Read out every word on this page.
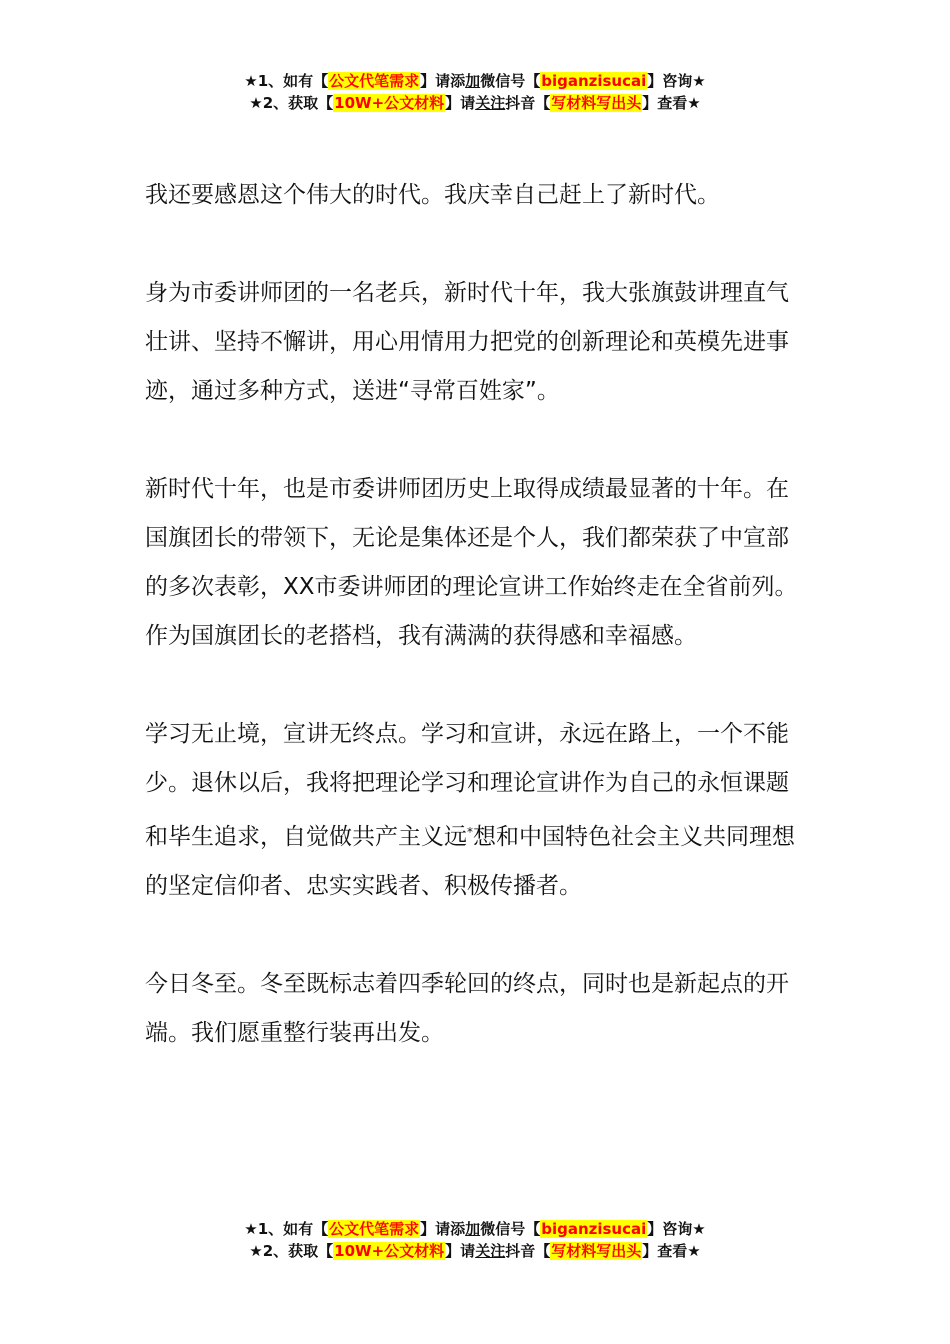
★1、如有【公文代笔需求】请添加微信号【biganzisucai】咨询★
★2、获取【10W+公文材料】请关注抖音【写材料写出头】查看★

我还要感恩这个伟大的时代。我庆幸自己赶上了新时代。

身为市委讲师团的一名老兵，新时代十年，我大张旗鼓讲理直气壮讲、坚持不懈讲，用心用情用力把党的创新理论和英模先进事迹，通过多种方式，送进“寻常百姓家”。

新时代十年，也是市委讲师团历史上取得成绩最显著的十年。在国旗团长的带领下，无论是集体还是个人，我们都荣获了中宣部的多次表彰，XX市委讲师团的理论宣讲工作始终走在全省前列。作为国旗团长的老搭档，我有满满的获得感和幸福感。

学习无止境，宣讲无终点。学习和宣讲，永远在路上，一个不能少。退休以后，我将把理论学习和理论宣讲作为自己的永恒课题和毕生追求，自觉做共产主义远*想和中国特色社会主义共同理想的坚定信仰者、忠实实践者、积极传播者。

今日冬至。冬至既标志着四季轮回的终点，同时也是新起点的开端。我们愿重整行装再出发。

★1、如有【公文代笔需求】请添加微信号【biganzisucai】咨询★
★2、获取【10W+公文材料】请关注抖音【写材料写出头】查看★
